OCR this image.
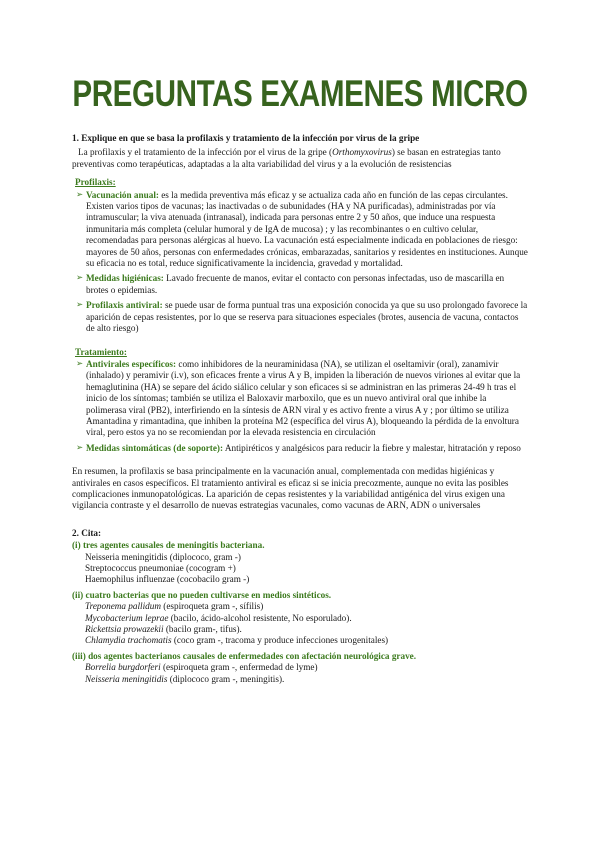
PREGUNTAS EXAMENES MICRO

1. Explique en que se basa la profilaxis y tratamiento de la infección por virus de la gripe

La profilaxis y el tratamiento de la infección por el virus de la gripe (Orthomyxovirus) se basan en estrategias tanto preventivas como terapéuticas, adaptadas a la alta variabilidad del virus y a la evolución de resistencias

Profilaxis:
➢ Vacunación anual: es la medida preventiva más eficaz y se actualiza cada año en función de las cepas circulantes. Existen varios tipos de vacunas; las inactivadas o de subunidades (HA y NA purificadas), administradas por vía intramuscular; la viva atenuada (intranasal), indicada para personas entre 2 y 50 años, que induce una respuesta inmunitaria más completa (celular humoral y de IgA de mucosa) ; y las recombinantes o en cultivo celular, recomendadas para personas alérgicas al huevo. La vacunación está especialmente indicada en poblaciones de riesgo: mayores de 50 años, personas con enfermedades crónicas, embarazadas, sanitarios y residentes en instituciones. Aunque su eficacia no es total, reduce significativamente la incidencia, gravedad y mortalidad.
➢ Medidas higiénicas: Lavado frecuente de manos, evitar el contacto con personas infectadas, uso de mascarilla en brotes o epidemias.
➢ Profilaxis antiviral: se puede usar de forma puntual tras una exposición conocida ya que su uso prolongado favorece la aparición de cepas resistentes, por lo que se reserva para situaciones especiales (brotes, ausencia de vacuna, contactos de alto riesgo)
Tratamiento:
➢ Antivirales específicos: como inhibidores de la neuraminidasa (NA), se utilizan el oseltamivir (oral), zanamivir (inhalado) y peramivir (i.v), son eficaces frente a virus A y B, impiden la liberación de nuevos viriones al evitar que la hemaglutinina (HA) se separe del ácido siálico celular y son eficaces si se administran en las primeras 24-49 h tras el inicio de los síntomas; también se utiliza el Baloxavir marboxilo, que es un nuevo antiviral oral que inhibe la polimerasa viral (PB2), interfiriendo en la síntesis de ARN viral y es activo frente a virus A y ; por último se utiliza Amantadina y rimantadina, que inhiben la proteína M2 (específica del virus A), bloqueando la pérdida de la envoltura viral, pero estos ya no se recomiendan por la elevada resistencia en circulación
➢ Medidas sintomáticas (de soporte): Antipiréticos y analgésicos para reducir la fiebre y malestar, hitratación y reposo

En resumen, la profilaxis se basa principalmente en la vacunación anual, complementada con medidas higiénicas y antivirales en casos específicos. El tratamiento antiviral es eficaz si se inicia precozmente, aunque no evita las posibles complicaciones inmunopatológicas. La aparición de cepas resistentes y la variabilidad antigénica del virus exigen una vigilancia contraste y el desarrollo de nuevas estrategias vacunales, como vacunas de ARN, ADN o universales

2. Cita:

(i) tres agentes causales de meningitis bacteriana.
Neisseria meningitidis (diplococo, gram -)
Streptococcus pneumoniae (cocogram +)
Haemophilus influenzae (cocobacilo gram -)
(ii) cuatro bacterias que no pueden cultivarse en medios sintéticos.
Treponema pallidum (espiroqueta gram -, sífilis)
Mycobacterium leprae (bacilo, ácido-alcohol resistente, No esporulado).
Rickettsia prowazekii (bacilo gram-, tifus).
Chlamydia trachomatis (coco gram -, tracoma y produce infecciones urogenitales)
(iii) dos agentes bacterianos causales de enfermedades con afectación neurológica grave.
Borrelia burgdorferi (espiroqueta gram -, enfermedad de lyme)
Neisseria meningitidis (diplococo gram -, meningitis).
